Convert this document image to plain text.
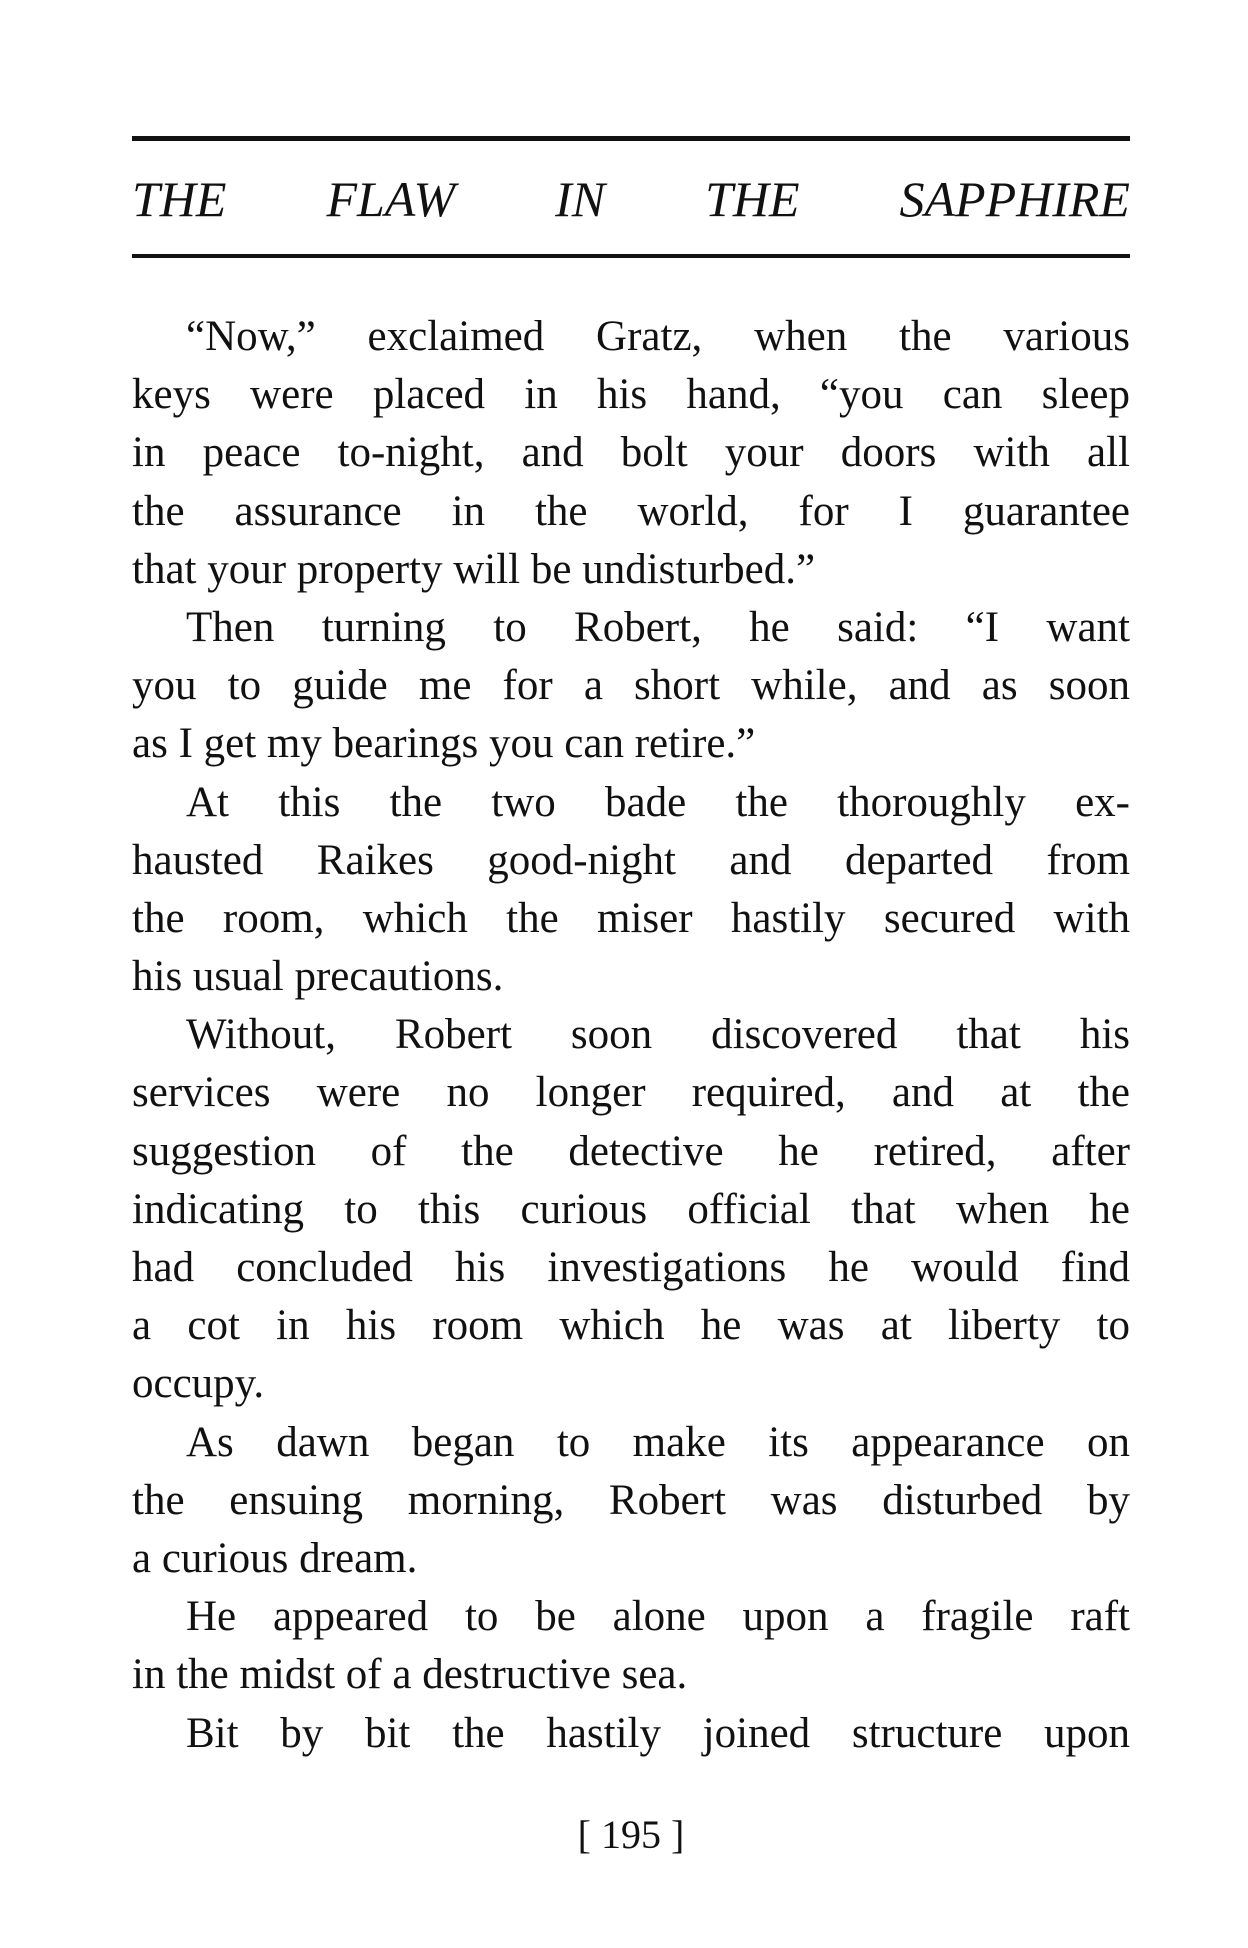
THE FLAW IN THE SAPPHIRE
“Now,” exclaimed Gratz, when the various
keys were placed in his hand, “you can sleep
in peace to-night, and bolt your doors with all
the assurance in the world, for I guarantee
that your property will be undisturbed.”
Then turning to Robert, he said: “I want
you to guide me for a short while, and as soon
as I get my bearings you can retire.”
At this the two bade the thoroughly ex-
hausted Raikes good-night and departed from
the room, which the miser hastily secured with
his usual precautions.
Without, Robert soon discovered that his
services were no longer required, and at the
suggestion of the detective he retired, after
indicating to this curious official that when he
had concluded his investigations he would find
a cot in his room which he was at liberty to
occupy.
As dawn began to make its appearance on
the ensuing morning, Robert was disturbed by
a curious dream.
He appeared to be alone upon a fragile raft
in the midst of a destructive sea.
Bit by bit the hastily joined structure upon
[ 195 ]
